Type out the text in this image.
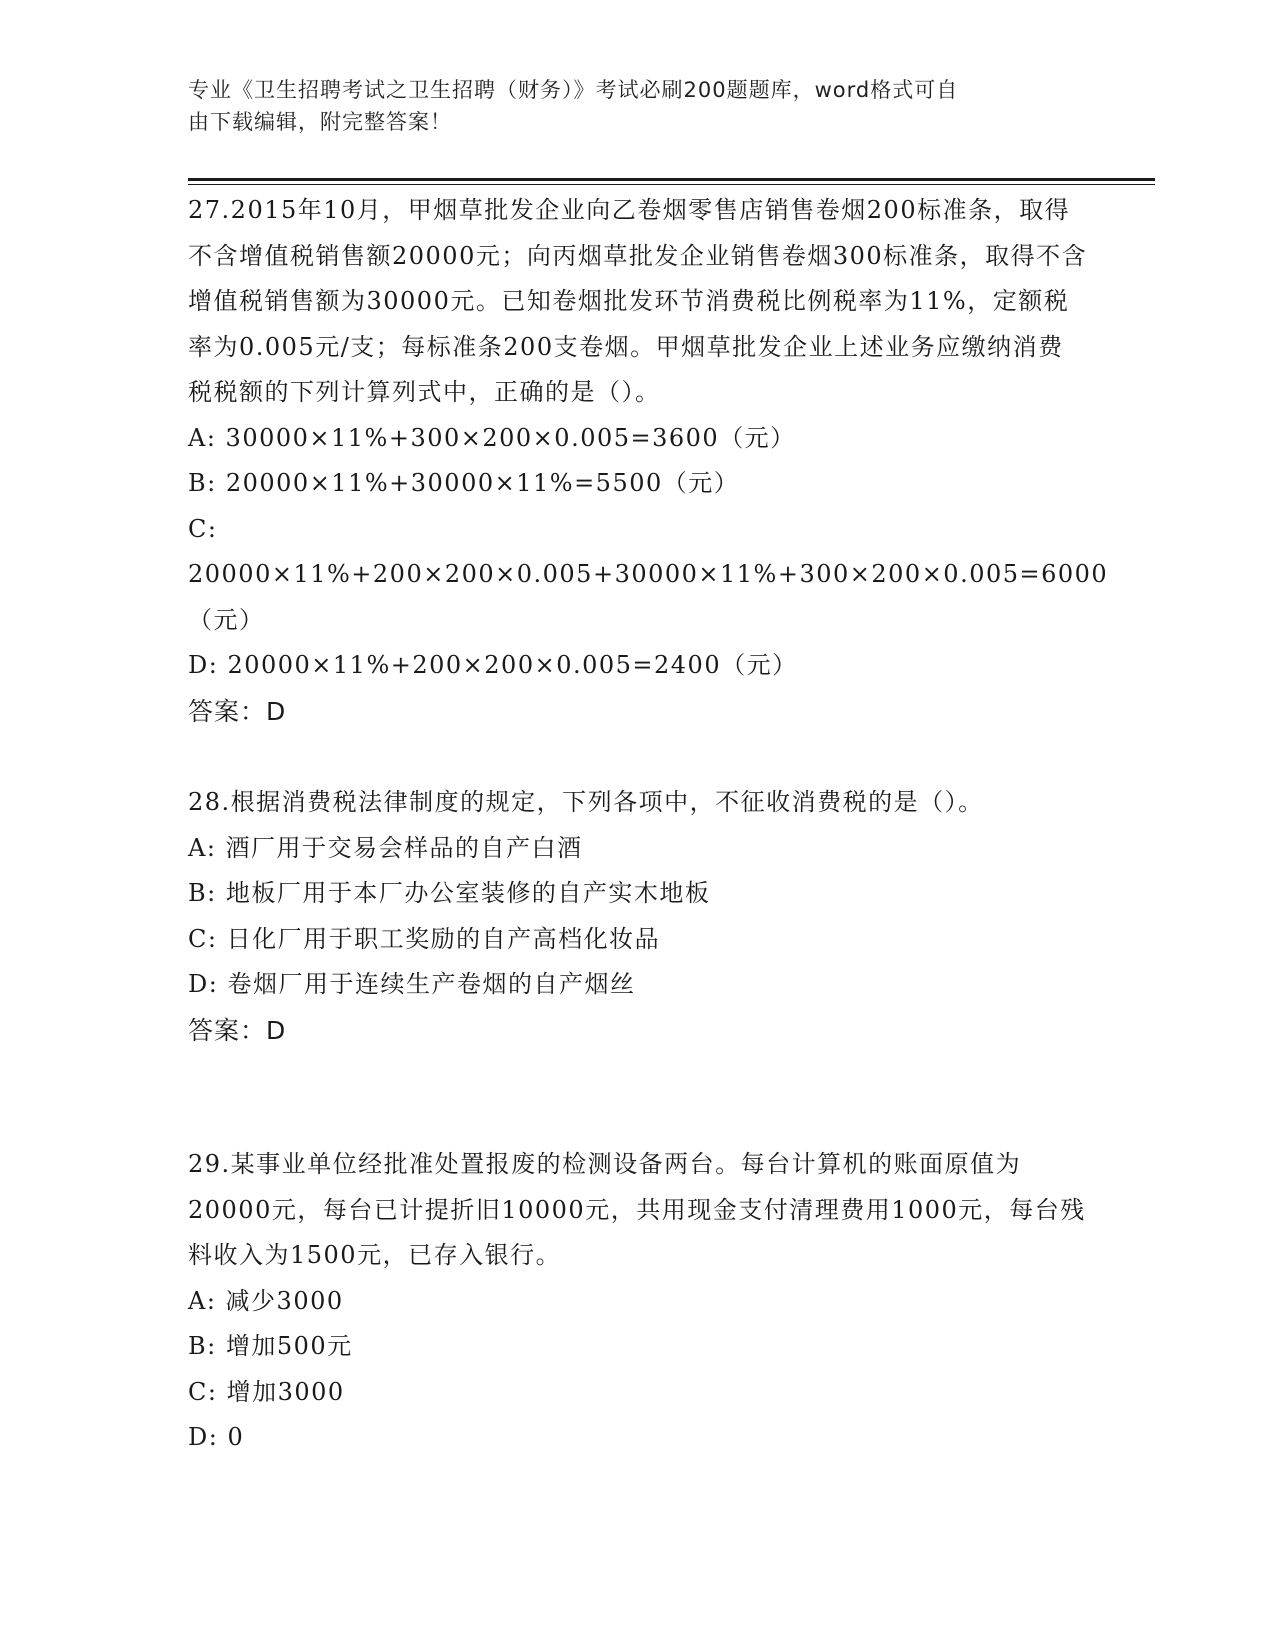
专业《卫生招聘考试之卫生招聘（财务）》考试必刷200题题库，word格式可自
由下载编辑，附完整答案！

27.2015年10月，甲烟草批发企业向乙卷烟零售店销售卷烟200标准条，取得不含增值税销售额20000元；向丙烟草批发企业销售卷烟300标准条，取得不含增值税销售额为30000元。已知卷烟批发环节消费税比例税率为11%，定额税率为0.005元/支；每标准条200支卷烟。甲烟草批发企业上述业务应缴纳消费税税额的下列计算列式中，正确的是（）。

A: 30000×11%+300×200×0.005=3600（元）

B: 20000×11%+30000×11%=5500（元）

C: 20000×11%+200×200×0.005+30000×11%+300×200×0.005=6000（元）

D: 20000×11%+200×200×0.005=2400（元）

答案：D

28.根据消费税法律制度的规定，下列各项中，不征收消费税的是（）。

A: 酒厂用于交易会样品的自产白酒

B: 地板厂用于本厂办公室装修的自产实木地板

C: 日化厂用于职工奖励的自产高档化妆品

D: 卷烟厂用于连续生产卷烟的自产烟丝

答案：D

29.某事业单位经批准处置报废的检测设备两台。每台计算机的账面原值为20000元，每台已计提折旧10000元，共用现金支付清理费用1000元，每台残料收入为1500元，已存入银行。

A: 减少3000

B: 增加500元

C: 增加3000

D: 0
